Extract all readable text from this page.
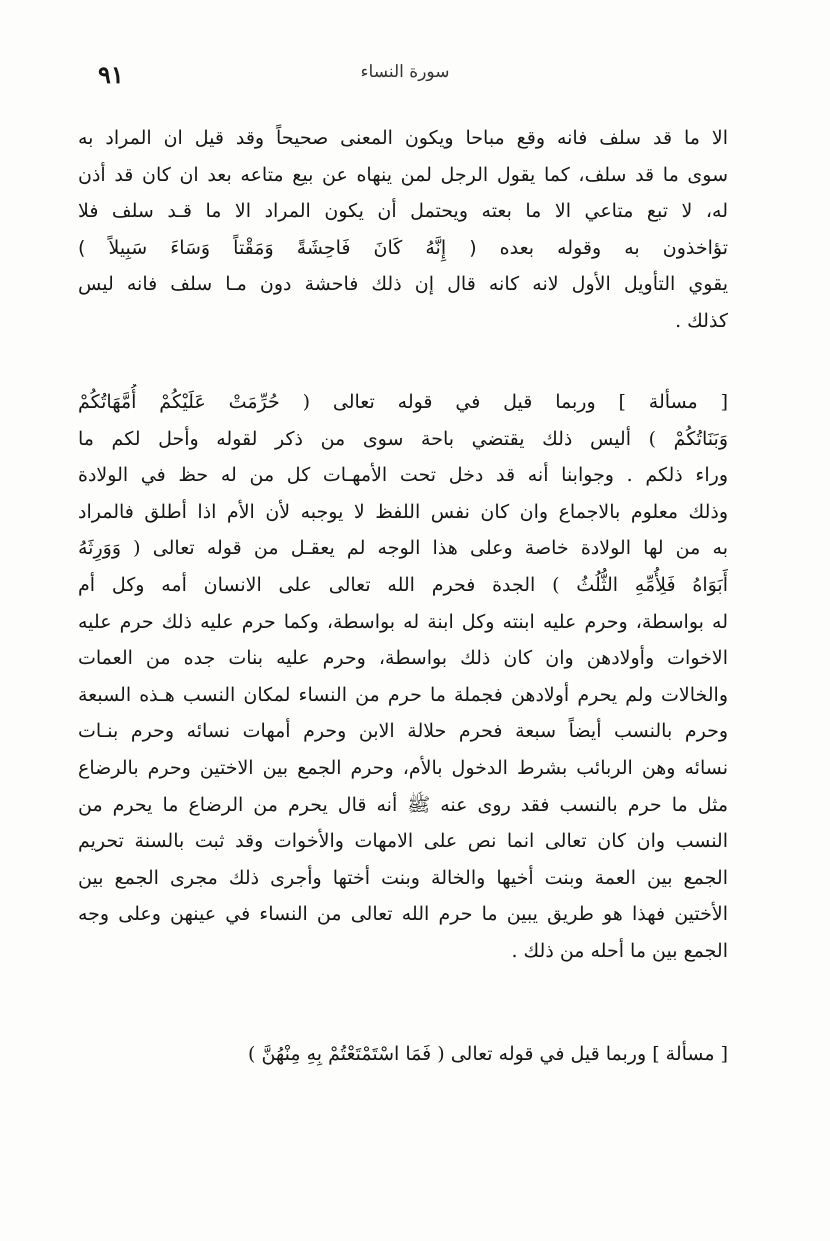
٩١	سورة النساء
الا ما قد سلف فانه وقع مباحا ويكون المعنى صحيحاً وقد قيل ان المراد به
سوى ما قد سلف، كما يقول الرجل لمن ينهاه عن بيع متاعه بعد ان كان قد أذن
له، لا تبع متاعي الا ما بعته ويحتمل أن يكون المراد الا ما قـد سلف فلا
تؤاخذون به وقوله بعده ( إِنَّهُ كَانَ فَاحِشَةً وَمَقْتاً وَسَاءَ سَبِيلاً )
يقوي التأويل الأول لانه كانه قال إن ذلك فاحشة دون مـا سلف فانه ليس
كذلك .
[ مسألة ] وربما قيل في قوله تعالى ( حُرِّمَتْ عَلَيْكُمْ أُمَّهَاتُكُمْ
وَبَنَاتُكُمْ ) أليس ذلك يقتضي باحة سوى من ذكر لقوله وأحل لكم ما
وراء ذلكم . وجوابنا أنه قد دخل تحت الأمهـات كل من له حظ في الولادة
وذلك معلوم بالاجماع وان كان نفس اللفظ لا يوجبه لأن الأم اذا أطلق فالمراد
به من لها الولادة خاصة وعلى هذا الوجه لم يعقـل من قوله تعالى ( وَوَرِثَهُ
أَبَوَاهُ فَلِأُمِّهِ الثُّلُثُ ) الجدة فحرم الله تعالى على الانسان أمه وكل أم
له بواسطة، وحرم عليه ابنته وكل ابنة له بواسطة، وكما حرم عليه ذلك حرم عليه
الاخوات وأولادهن وان كان ذلك بواسطة، وحرم عليه بنات جده من العمات
والخالات ولم يحرم أولادهن فجملة ما حرم من النساء لمكان النسب هـذه السبعة
وحرم بالنسب أيضاً سبعة فحرم حلالة الابن وحرم أمهات نسائه وحرم بنـات
نسائه وهن الربائب بشرط الدخول بالأم، وحرم الجمع بين الاختين وحرم بالرضاع
مثل ما حرم بالنسب فقد روى عنه ﷺ أنه قال يحرم من الرضاع ما يحرم من
النسب وان كان تعالى انما نص على الامهات والأخوات وقد ثبت بالسنة تحريم
الجمع بين العمة وبنت أخيها والخالة وبنت أختها وأجرى ذلك مجرى الجمع بين
الأختين فهذا هو طريق يبين ما حرم الله تعالى من النساء في عينهن وعلى وجه
الجمع بين ما أحله من ذلك .
[ مسألة ] وربما قيل في قوله تعالى ( فَمَا اسْتَمْتَعْتُمْ بِهِ مِنْهُنَّ )
